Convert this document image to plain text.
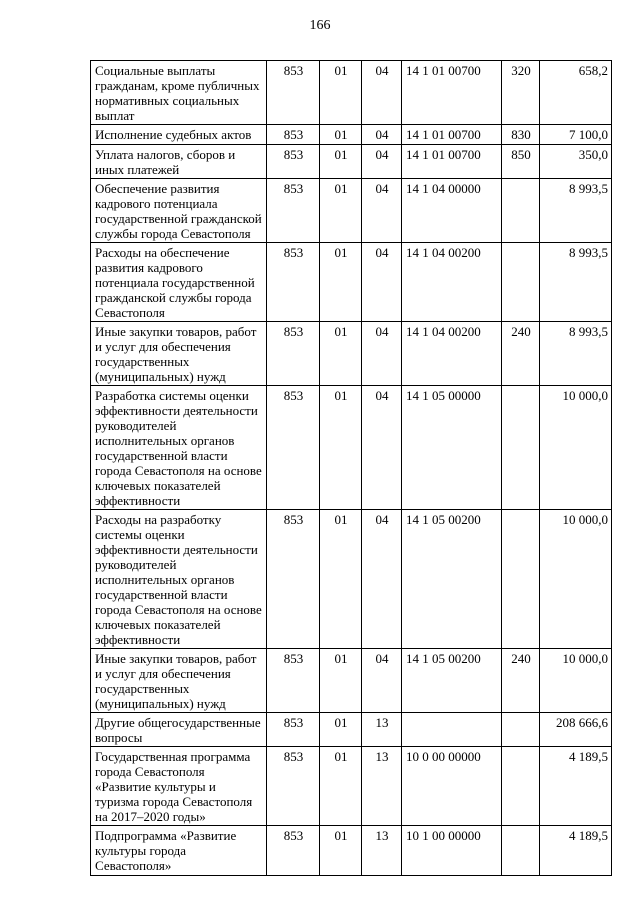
166
Социальные выплаты гражданам, кроме публичных нормативных социальных выплат	853	01	04	14 1 01 00700	320	658,2
Исполнение судебных актов	853	01	04	14 1 01 00700	830	7 100,0
Уплата налогов, сборов и иных платежей	853	01	04	14 1 01 00700	850	350,0
Обеспечение развития кадрового потенциала государственной гражданской службы города Севастополя	853	01	04	14 1 04 00000		8 993,5
Расходы на обеспечение развития кадрового потенциала государственной гражданской службы города Севастополя	853	01	04	14 1 04 00200		8 993,5
Иные закупки товаров, работ и услуг для обеспечения государственных (муниципальных) нужд	853	01	04	14 1 04 00200	240	8 993,5
Разработка системы оценки эффективности деятельности руководителей исполнительных органов государственной власти города Севастополя на основе ключевых показателей эффективности	853	01	04	14 1 05 00000		10 000,0
Расходы на разработку системы оценки эффективности деятельности руководителей исполнительных органов государственной власти города Севастополя на основе ключевых показателей эффективности	853	01	04	14 1 05 00200		10 000,0
Иные закупки товаров, работ и услуг для обеспечения государственных (муниципальных) нужд	853	01	04	14 1 05 00200	240	10 000,0
Другие общегосударственные вопросы	853	01	13			208 666,6
Государственная программа города Севастополя «Развитие культуры и туризма города Севастополя на 2017–2020 годы»	853	01	13	10 0 00 00000		4 189,5
Подпрограмма «Развитие культуры города Севастополя»	853	01	13	10 1 00 00000		4 189,5
